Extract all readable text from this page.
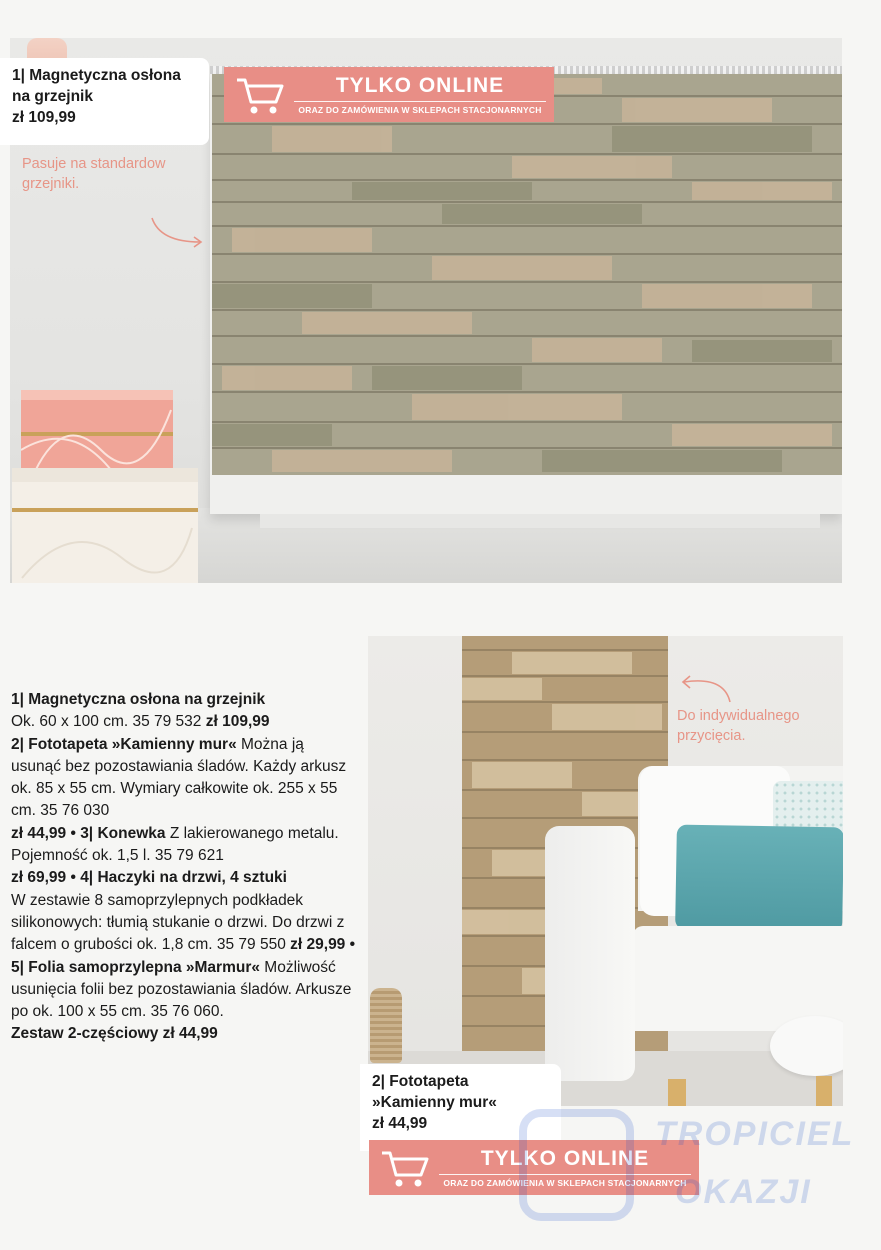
1| Magnetyczna osłona
na grzejnik
zł 109,99
Pasuje na standardow
grzejniki.
TYLKO ONLINE
ORAZ DO ZAMÓWIENIA W SKLEPACH STACJONARNYCH
1| Magnetyczna osłona na grzejnik
Ok. 60 x 100 cm. 35 79 532 zł 109,99
2| Fototapeta »Kamienny mur« Można ją usunąć bez pozostawiania śladów. Każdy arkusz ok. 85 x 55 cm. Wymiary całkowite ok. 255 x 55 cm. 35 76 030
zł 44,99 • 3| Konewka Z lakierowanego metalu. Pojemność ok. 1,5 l. 35 79 621
zł 69,99 • 4| Haczyki na drzwi, 4 sztuki
W zestawie 8 samoprzylepnych podkładek silikonowych: tłumią stukanie o drzwi. Do drzwi z falcem o grubości ok. 1,8 cm. 35 79 550 zł 29,99 • 5| Folia samoprzylepna »Marmur« Możliwość usunięcia folii bez pozostawiania śladów. Arkusze po ok. 100 x 55 cm. 35 76 060.
Zestaw 2-częściowy zł 44,99
Do indywidualnego
przycięcia.
2| Fototapeta
»Kamienny mur«
zł 44,99
TYLKO ONLINE
ORAZ DO ZAMÓWIENIA W SKLEPACH STACJONARNYCH
TROPICIEL
OKAZJI
